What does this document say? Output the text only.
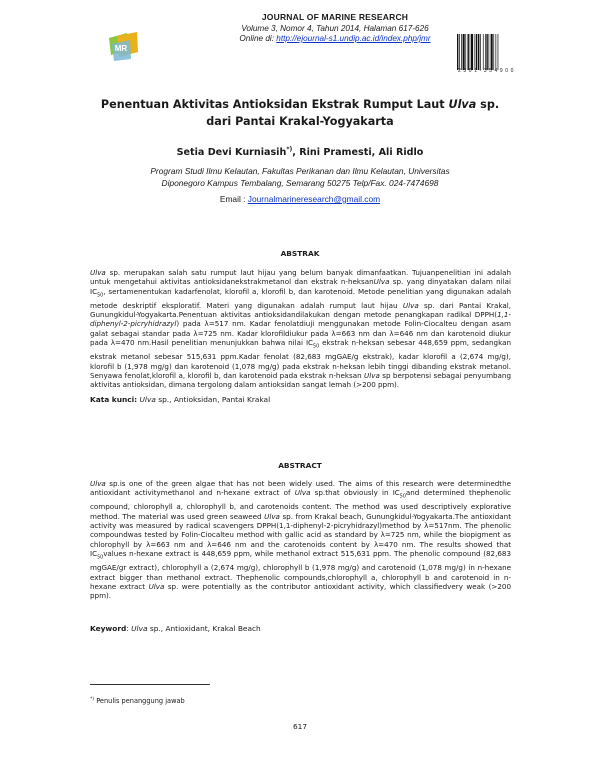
MR
JOURNAL OF MARINE RESEARCH
Volume 3, Nomor 4, Tahun 2014, Halaman 617-626
Online di: http://ejournal-s1.undip.ac.id/index.php/jmr
2 3 0 1 - 3 5 4 9 0 0
Penentuan Aktivitas Antioksidan Ekstrak Rumput Laut Ulva sp.
dari Pantai Krakal-Yogyakarta
Setia Devi Kurniasih*), Rini Pramesti, Ali Ridlo
Program Studi Ilmu Kelautan, Fakultas Perikanan dan Ilmu Kelautan, Universitas
Diponegoro Kampus Tembalang, Semarang 50275 Telp/Fax. 024-7474698
Email : Journalmarineresearch@gmail.com
ABSTRAK
Ulva sp. merupakan salah satu rumput laut hijau yang belum banyak dimanfaatkan. Tujuanpenelitian ini adalah untuk mengetahui aktivitas antioksidanekstrakmetanol dan ekstrak n-heksanUlva sp. yang dinyatakan dalam nilai $IC_{50}$, sertamenentukan kadarfenolat, klorofil a, klorofil b, dan karotenoid. Metode penelitian yang digunakan adalah metode deskriptif eksploratif. Materi yang digunakan adalah rumput laut hijau Ulva sp. dari Pantai Krakal, Gunungkidul-Yogyakarta.Penentuan aktivitas antioksidandilakukan dengan metode penangkapan radikal DPPH(1,1-diphenyl-2-picryhidrazyl) pada λ=517 nm. Kadar fenolatdiuji menggunakan metode Folin-Ciocalteu dengan asam galat sebagai standar pada λ=725 nm. Kadar klorofildiukur pada λ=663 nm dan λ=646 nm dan karotenoid diukur pada λ=470 nm.Hasil penelitian menunjukkan bahwa nilai $IC_{50}$ ekstrak n-heksan sebesar 448,659 ppm, sedangkan ekstrak metanol sebesar 515,631 ppm.Kadar fenolat (82,683 mgGAE/g ekstrak), kadar klorofil a (2,674 mg/g), klorofil b (1,978 mg/g) dan karotenoid (1,078 mg/g) pada ekstrak n-heksan lebih tinggi dibanding ekstrak metanol. Senyawa fenolat,klorofil a, klorofil b, dan karotenoid pada ekstrak n-heksan Ulva sp berpotensi sebagai penyumbang aktivitas antioksidan, dimana tergolong dalam antioksidan sangat lemah (>200 ppm).
Kata kunci: Ulva sp., Antioksidan, Pantai Krakal
ABSTRACT
Ulva sp.is one of the green algae that has not been widely used. The aims of this research were determinedthe antioxidant activitymethanol and n-hexane extract of Ulva sp.that obviously in $IC_{50}and$ determined thephenolic compound, chlorophyll a, chlorophyll b, and carotenoids content. The method was used descriptively explorative method. The material was used green seaweed Ulva sp. from Krakal beach, Gunungkidul-Yogyakarta.The antioxidant activity was measured by radical scavengers DPPH(1,1-diphenyl-2-picryhidrazyl)method by λ=517nm. The phenolic compoundwas tested by Folin-Ciocalteu method with gallic acid as standard by λ=725 nm, while the biopigment as chlorophyll by λ=663 nm and λ=646 nm and the carotenoids content by λ=470 nm. The results showed that $IC_{50}values$ n-hexane extract is 448,659 ppm, while methanol extract 515,631 ppm. The phenolic compound (82,683 mgGAE/gr extract), chlorophyll a (2,674 mg/g), chlorophyll b (1,978 mg/g) and carotenoid (1,078 mg/g) in n-hexane extract bigger than methanol extract. Thephenolic compounds,chlorophyll a, chlorophyll b and carotenoid in n-hexane extract Ulva sp. were potentially as the contributor antioxidant activity, which classifiedvery weak (>200 ppm).
Keyword: Ulva sp., Antioxidant, Krakal Beach
*) Penulis penanggung jawab
617
